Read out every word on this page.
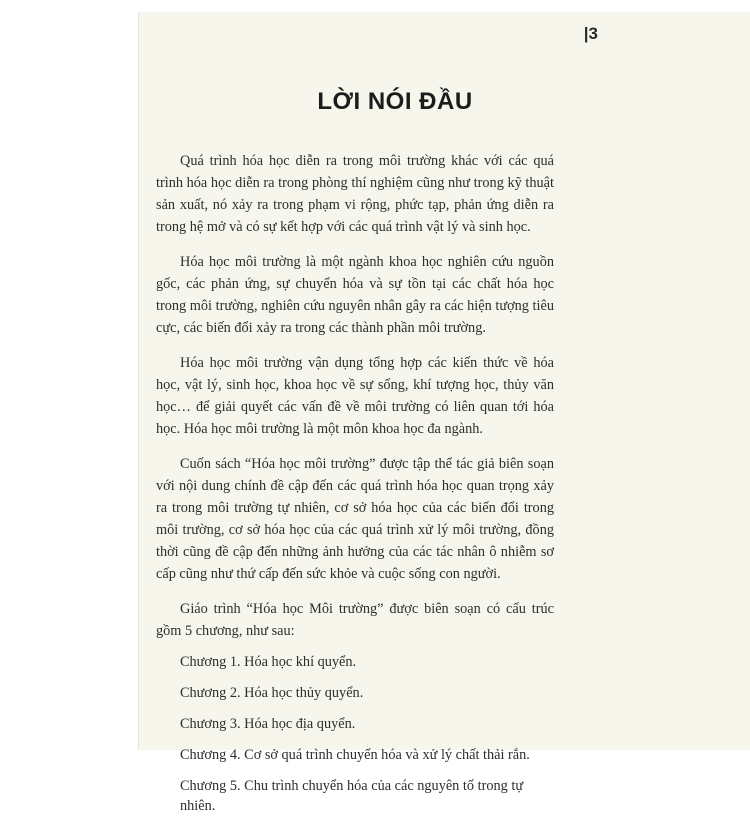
|3
LỜI NÓI ĐẦU

Quá trình hóa học diễn ra trong môi trường khác với các quá trình hóa học diễn ra trong phòng thí nghiệm cũng như trong kỹ thuật sản xuất, nó xảy ra trong phạm vi rộng, phức tạp, phản ứng diễn ra trong hệ mở và có sự kết hợp với các quá trình vật lý và sinh học.

Hóa học môi trường là một ngành khoa học nghiên cứu nguồn gốc, các phản ứng, sự chuyển hóa và sự tồn tại các chất hóa học trong môi trường, nghiên cứu nguyên nhân gây ra các hiện tượng tiêu cực, các biến đổi xảy ra trong các thành phần môi trường.

Hóa học môi trường vận dụng tổng hợp các kiến thức về hóa học, vật lý, sinh học, khoa học về sự sống, khí tượng học, thủy văn học… để giải quyết các vấn đề về môi trường có liên quan tới hóa học. Hóa học môi trường là một môn khoa học đa ngành.

Cuốn sách “Hóa học môi trường” được tập thể tác giả biên soạn với nội dung chính đề cập đến các quá trình hóa học quan trọng xảy ra trong môi trường tự nhiên, cơ sở hóa học của các biến đổi trong môi trường, cơ sở hóa học của các quá trình xử lý môi trường, đồng thời cũng đề cập đến những ảnh hưởng của các tác nhân ô nhiễm sơ cấp cũng như thứ cấp đến sức khỏe và cuộc sống con người.

Giáo trình “Hóa học Môi trường” được biên soạn có cấu trúc gồm 5 chương, như sau:

Chương 1. Hóa học khí quyển.
Chương 2. Hóa học thủy quyển.
Chương 3. Hóa học địa quyển.
Chương 4. Cơ sở quá trình chuyển hóa và xử lý chất thải rắn.
Chương 5. Chu trình chuyển hóa của các nguyên tố trong tự nhiên.
